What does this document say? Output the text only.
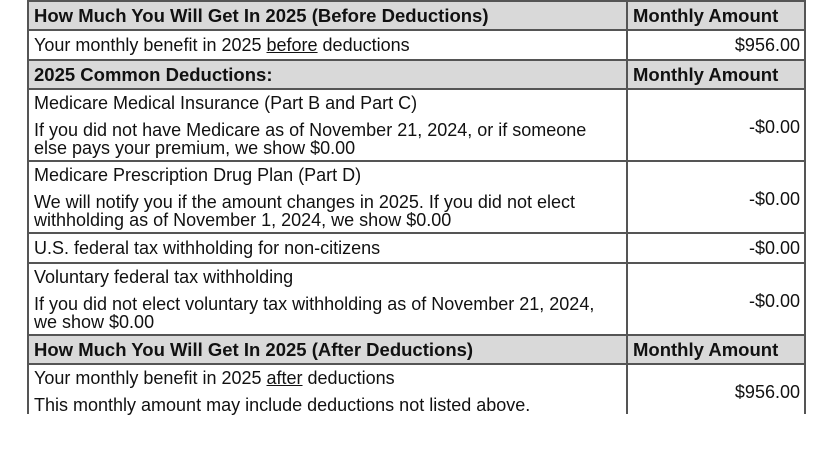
How Much You Will Get In 2025 (Before Deductions)	Monthly Amount
Your monthly benefit in 2025 before deductions	$956.00
2025 Common Deductions:	Monthly Amount

Medicare Medical Insurance (Part B and Part C)
If you did not have Medicare as of November 21, 2024, or if someone else pays your premium, we show $0.00	-$0.00

Medicare Prescription Drug Plan (Part D)
We will notify you if the amount changes in 2025. If you did not elect withholding as of November 1, 2024, we show $0.00	-$0.00
U.S. federal tax withholding for non-citizens	-$0.00

Voluntary federal tax withholding
If you did not elect voluntary tax withholding as of November 21, 2024, we show $0.00	-$0.00
How Much You Will Get In 2025 (After Deductions)	Monthly Amount

Your monthly benefit in 2025 after deductions
This monthly amount may include deductions not listed above.	$956.00
